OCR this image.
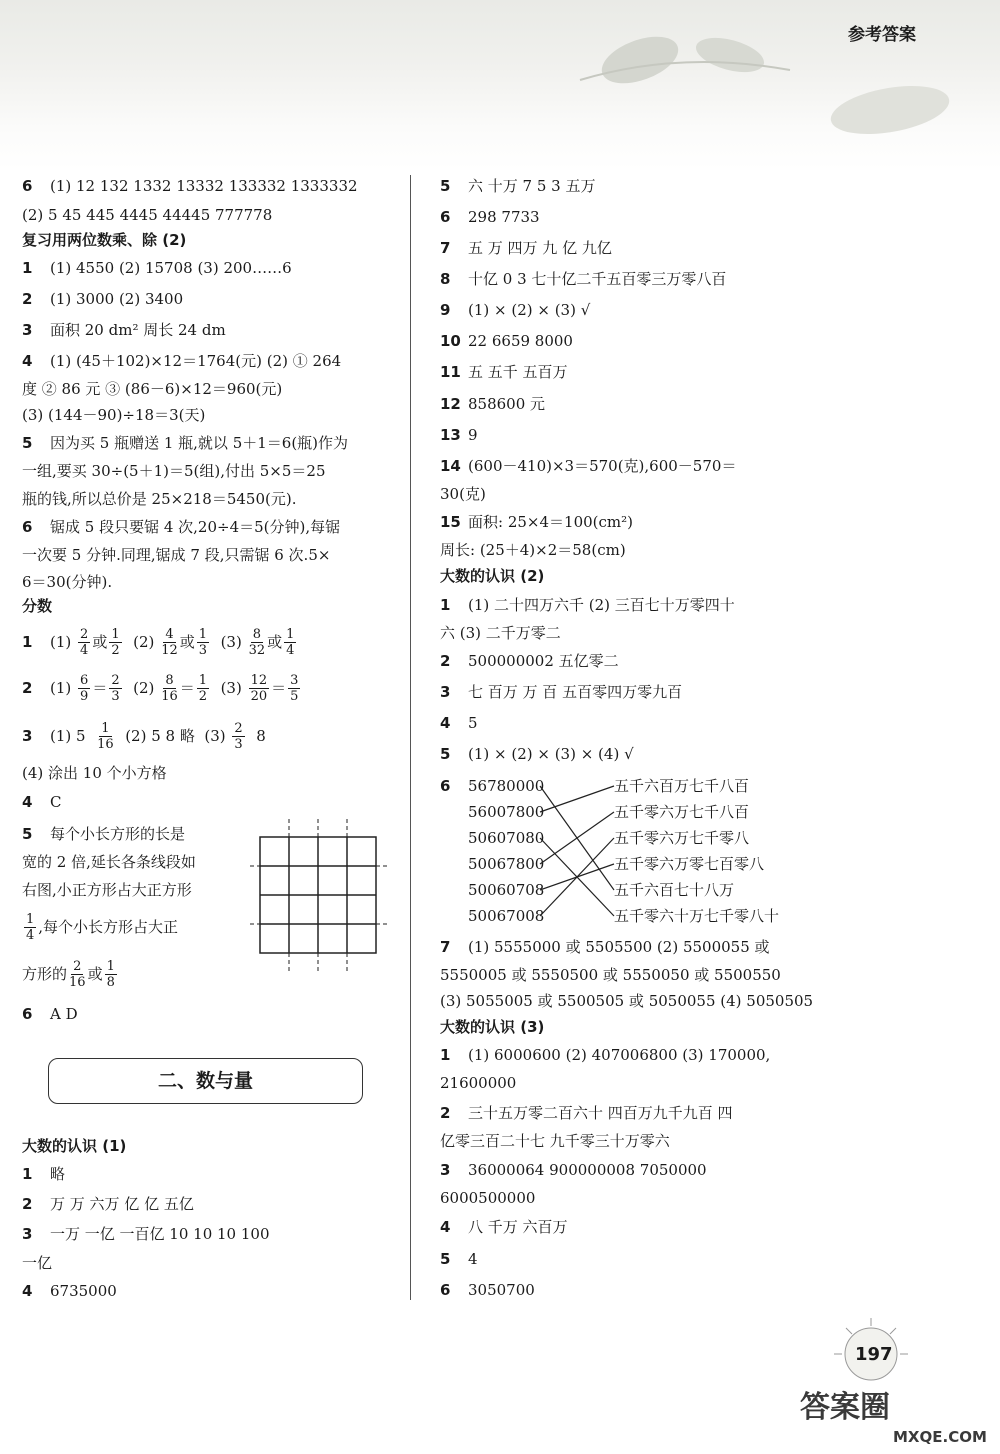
参考答案
6 (1) 12 132 1332 13332 133332 1333332
(2) 5 45 445 4445 44445 777778
复习用两位数乘、除 (2)
1 (1) 4550 (2) 15708 (3) 200……6
2 (1) 3000 (2) 3400
3 面积 20 dm² 周长 24 dm
4 (1) (45＋102)×12＝1764(元) (2) ① 264
度 ② 86 元 ③ (86－6)×12＝960(元)
(3) (144－90)÷18＝3(天)
5 因为买 5 瓶赠送 1 瓶,就以 5＋1＝6(瓶)作为
一组,要买 30÷(5＋1)＝5(组),付出 5×5＝25
瓶的钱,所以总价是 25×218＝5450(元).
6 锯成 5 段只要锯 4 次,20÷4＝5(分钟),每锯
一次要 5 分钟.同理,锯成 7 段,只需锯 6 次.5×
6＝30(分钟).
分数
1	(1)
$\frac{2}{4}$ 或 $\frac{1}{2}$
(2)
$\frac{4}{12}$ 或 $\frac{1}{3}$
(3)
$\frac{8}{32}$ 或 $\frac{1}{4}$
2	(1)
$\frac{6}{9} = \frac{2}{3}$
(2)
$\frac{8}{16} = \frac{1}{2}$
(3)
$\frac{12}{20} = \frac{3}{5}$
3	(1) 5
$\frac{1}{16}$
(2) 5 8 略
(3)
$\frac{2}{3}$
8
(4) 涂出 10 个小方格
4 C
5 每个小长方形的长是
宽的 2 倍,延长各条线段如
右图,小正方形占大正方形
$\frac{1}{4}$ ,每个小长方形占大正
方形的 $\frac{2}{16}$ 或 $\frac{1}{8}$
6 A D
二、数与量
大数的认识 (1)
1 略
2 万 万 六万 亿 亿 五亿
3 一万 一亿 一百亿 10 10 10 100
一亿
4 6735000
5 六 十万 7 5 3 五万
6 298 7733
7 五 万 四万 九 亿 九亿
8 十亿 0 3 七十亿二千五百零三万零八百
9 (1) × (2) × (3) √
10 22 6659 8000
11 五 五千 五百万
12 858600 元
13 9
14 (600－410)×3＝570(克),600－570＝
30(克)
15 面积: 25×4＝100(cm²)
周长: (25＋4)×2＝58(cm)
大数的认识 (2)
1 (1) 二十四万六千 (2) 三百七十万零四十
六 (3) 二千万零二
2 500000002 五亿零二
3 七 百万 万 百 五百零四万零九百
4 5
5 (1) × (2) × (3) × (4) √
6	56780000
56007800
50607080
50067800
50060708
50067008
五千六百万七千八百
五千零六万七千八百
五千零六万七千零八
五千零六万零七百零八
五千六百七十八万
五千零六十万七千零八十
7 (1) 5555000 或 5505500 (2) 5500055 或
5550005 或 5550500 或 5550050 或 5500550
(3) 5055005 或 5500505 或 5050055 (4) 5050505
大数的认识 (3)
1 (1) 6000600 (2) 407006800 (3) 170000,
21600000
2 三十五万零二百六十 四百万九千九百 四
亿零三百二十七 九千零三十万零六
3 36000064 900000008 7050000
6000500000
4 八 千万 六百万
5 4
6 3050700
197
答案圈
MXQE.COM
